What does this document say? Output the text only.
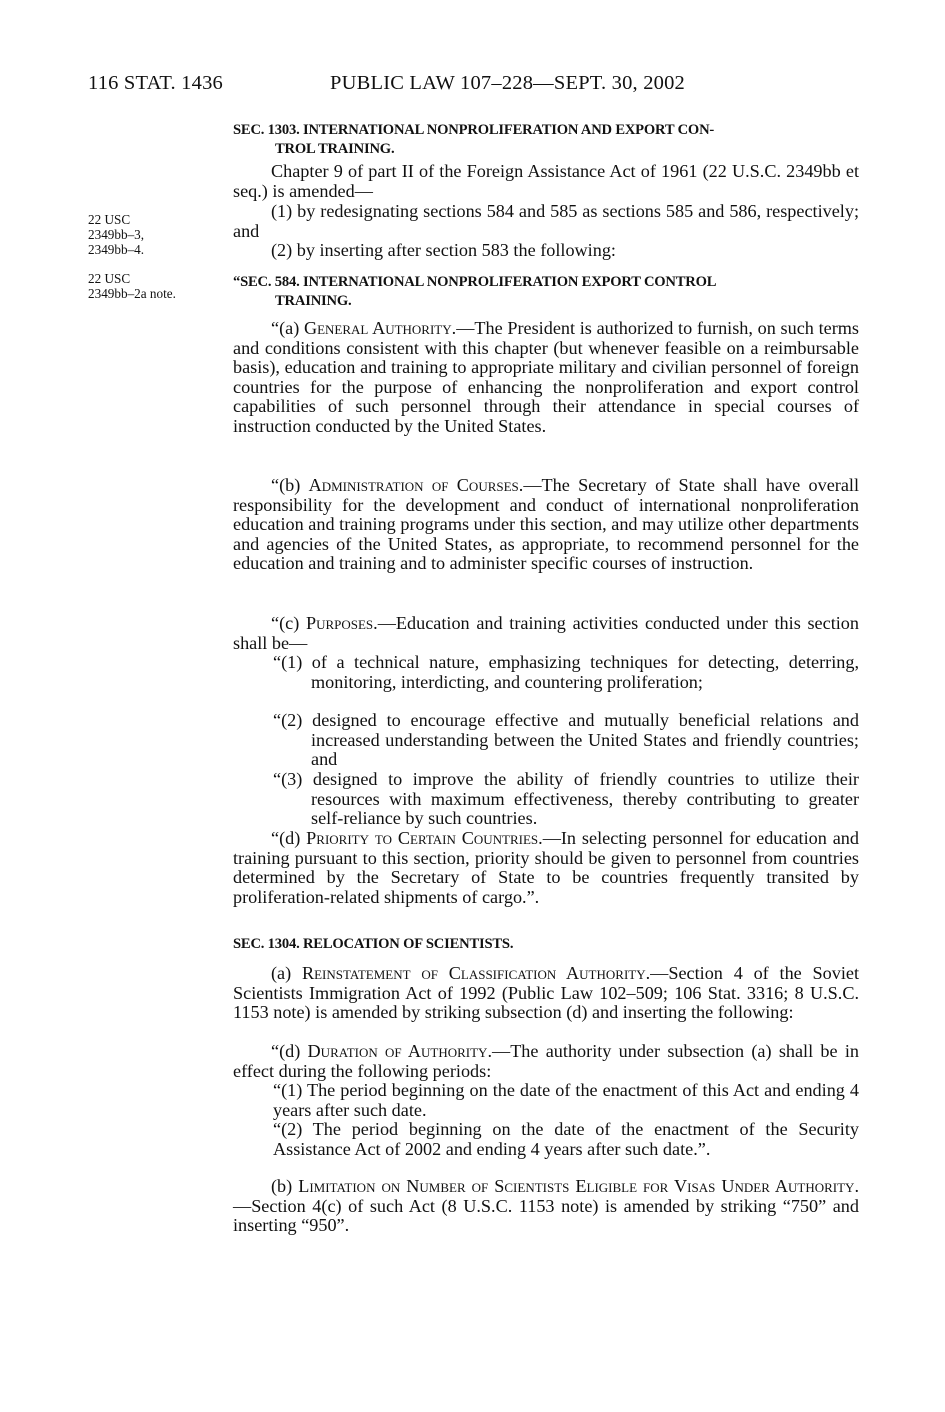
116 STAT. 1436	PUBLIC LAW 107–228—SEPT. 30, 2002
22 USC
2349bb–3,
2349bb–4.
22 USC
2349bb–2a note.
SEC. 1303. INTERNATIONAL NONPROLIFERATION AND EXPORT CON-
TROL TRAINING.
Chapter 9 of part II of the Foreign Assistance Act of 1961 (22 U.S.C. 2349bb et seq.) is amended—
(1) by redesignating sections 584 and 585 as sections 585 and 586, respectively; and
(2) by inserting after section 583 the following:
“SEC. 584. INTERNATIONAL NONPROLIFERATION EXPORT CONTROL
TRAINING.
“(a) General Authority.—The President is authorized to furnish, on such terms and conditions consistent with this chapter (but whenever feasible on a reimbursable basis), education and training to appropriate military and civilian personnel of foreign countries for the purpose of enhancing the nonproliferation and export control capabilities of such personnel through their attendance in special courses of instruction conducted by the United States.
“(b) Administration of Courses.—The Secretary of State shall have overall responsibility for the development and conduct of international nonproliferation education and training programs under this section, and may utilize other departments and agencies of the United States, as appropriate, to recommend personnel for the education and training and to administer specific courses of instruction.
“(c) Purposes.—Education and training activities conducted under this section shall be—
“(1) of a technical nature, emphasizing techniques for detecting, deterring, monitoring, interdicting, and countering proliferation;
“(2) designed to encourage effective and mutually beneficial relations and increased understanding between the United States and friendly countries; and
“(3) designed to improve the ability of friendly countries to utilize their resources with maximum effectiveness, thereby contributing to greater self-reliance by such countries.
“(d) Priority to Certain Countries.—In selecting personnel for education and training pursuant to this section, priority should be given to personnel from countries determined by the Secretary of State to be countries frequently transited by proliferation-related shipments of cargo.”.
SEC. 1304. RELOCATION OF SCIENTISTS.
(a) Reinstatement of Classification Authority.—Section 4 of the Soviet Scientists Immigration Act of 1992 (Public Law 102–509; 106 Stat. 3316; 8 U.S.C. 1153 note) is amended by striking subsection (d) and inserting the following:
“(d) Duration of Authority.—The authority under subsection (a) shall be in effect during the following periods:
“(1) The period beginning on the date of the enactment of this Act and ending 4 years after such date.
“(2) The period beginning on the date of the enactment of the Security Assistance Act of 2002 and ending 4 years after such date.”.
(b) Limitation on Number of Scientists Eligible for Visas Under Authority.—Section 4(c) of such Act (8 U.S.C. 1153 note) is amended by striking “750” and inserting “950”.
